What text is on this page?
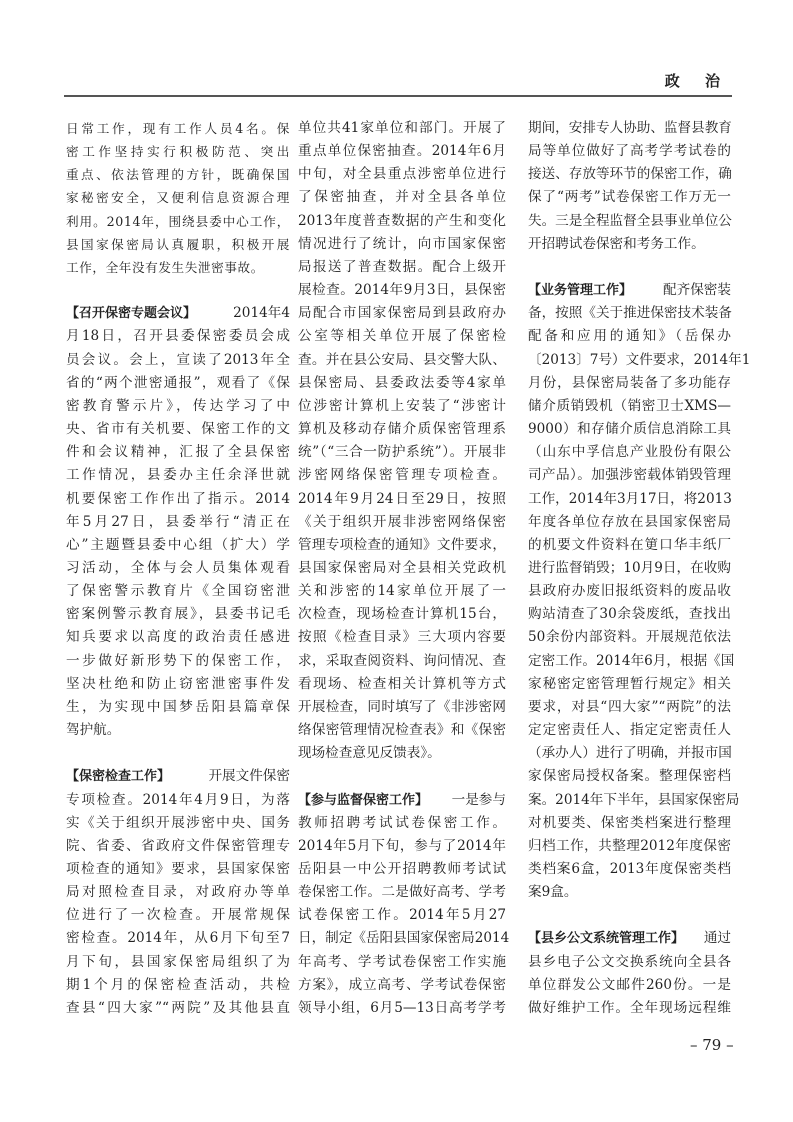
政 治
日常工作，现有工作人员4名。保
密工作坚持实行积极防范、突出
重点、依法管理的方针，既确保国
家秘密安全，又便利信息资源合理
利用。2014年，围绕县委中心工作，
县国家保密局认真履职，积极开展
工作，全年没有发生失泄密事故。
【召开保密专题会议】	2014年4
月18日，召开县委保密委员会成
员会议。会上，宣读了2013年全
省的“两个泄密通报”，观看了《保
密教育警示片》，传达学习了中
央、省市有关机要、保密工作的文
件和会议精神，汇报了全县保密
工作情况，县委办主任余泽世就
机要保密工作作出了指示。2014
年5月27日，县委举行“清正在
心”主题暨县委中心组（扩大）学
习活动，全体与会人员集体观看
了保密警示教育片《全国窃密泄
密案例警示教育展》，县委书记毛
知兵要求以高度的政治责任感进
一步做好新形势下的保密工作，
坚决杜绝和防止窃密泄密事件发
生，为实现中国梦岳阳县篇章保
驾护航。
【保密检查工作】	开展文件保密
专项检查。2014年4月9日，为落
实《关于组织开展涉密中央、国务
院、省委、省政府文件保密管理专
项检查的通知》要求，县国家保密
局对照检查目录，对政府办等单
位进行了一次检查。开展常规保
密检查。2014年，从6月下旬至7
月下旬，县国家保密局组织了为
期1个月的保密检查活动，共检
查县“四大家”“两院”及其他县直
单位共41家单位和部门。开展了
重点单位保密抽查。2014年6月
中旬，对全县重点涉密单位进行
了保密抽查，并对全县各单位
2013年度普查数据的产生和变化
情况进行了统计，向市国家保密
局报送了普查数据。配合上级开
展检查。2014年9月3日，县保密
局配合市国家保密局到县政府办
公室等相关单位开展了保密检
查。并在县公安局、县交警大队、
县保密局、县委政法委等4家单
位涉密计算机上安装了“涉密计
算机及移动存储介质保密管理系
统”（“三合一防护系统”）。开展非
涉密网络保密管理专项检查。
2014年9月24日至29日，按照
《关于组织开展非涉密网络保密
管理专项检查的通知》文件要求，
县国家保密局对全县相关党政机
关和涉密的14家单位开展了一
次检查，现场检查计算机15台，
按照《检查目录》三大项内容要
求，采取查阅资料、询问情况、查
看现场、检查相关计算机等方式
开展检查，同时填写了《非涉密网
络保密管理情况检查表》和《保密
现场检查意见反馈表》。
【参与监督保密工作】 一是参与
教师招聘考试试卷保密工作。
2014年5月下旬，参与了2014年
岳阳县一中公开招聘教师考试试
卷保密工作。二是做好高考、学考
试卷保密工作。2014年5月27
日，制定《岳阳县国家保密局2014
年高考、学考试卷保密工作实施
方案》，成立高考、学考试卷保密
领导小组，6月5—13日高考学考
期间，安排专人协助、监督县教育
局等单位做好了高考学考试卷的
接送、存放等环节的保密工作，确
保了“两考”试卷保密工作万无一
失。三是全程监督全县事业单位公
开招聘试卷保密和考务工作。
【业务管理工作】 配齐保密装
备，按照《关于推进保密技术装备
配备和应用的通知》（岳保办
〔2013〕7号）文件要求，2014年1
月份，县保密局装备了多功能存
储介质销毁机（销密卫士XMS—
9000）和存储介质信息消除工具
（山东中孚信息产业股份有限公
司产品）。加强涉密载体销毁管理
工作，2014年3月17日，将2013
年度各单位存放在县国家保密局
的机要文件资料在筻口华丰纸厂
进行监督销毁；10月9日，在收购
县政府办废旧报纸资料的废品收
购站清查了30余袋废纸，查找出
50余份内部资料。开展规范依法
定密工作。2014年6月，根据《国
家秘密定密管理暂行规定》相关
要求，对县“四大家”“两院”的法
定定密责任人、指定定密责任人
（承办人）进行了明确，并报市国
家保密局授权备案。整理保密档
案。2014年下半年，县国家保密局
对机要类、保密类档案进行整理
归档工作，共整理2012年度保密
类档案6盒，2013年度保密类档
案9盒。
【县乡公文系统管理工作】 通过
县乡电子公文交换系统向全县各
单位群发公文邮件260份。一是
做好维护工作。全年现场远程维
– 79 –
